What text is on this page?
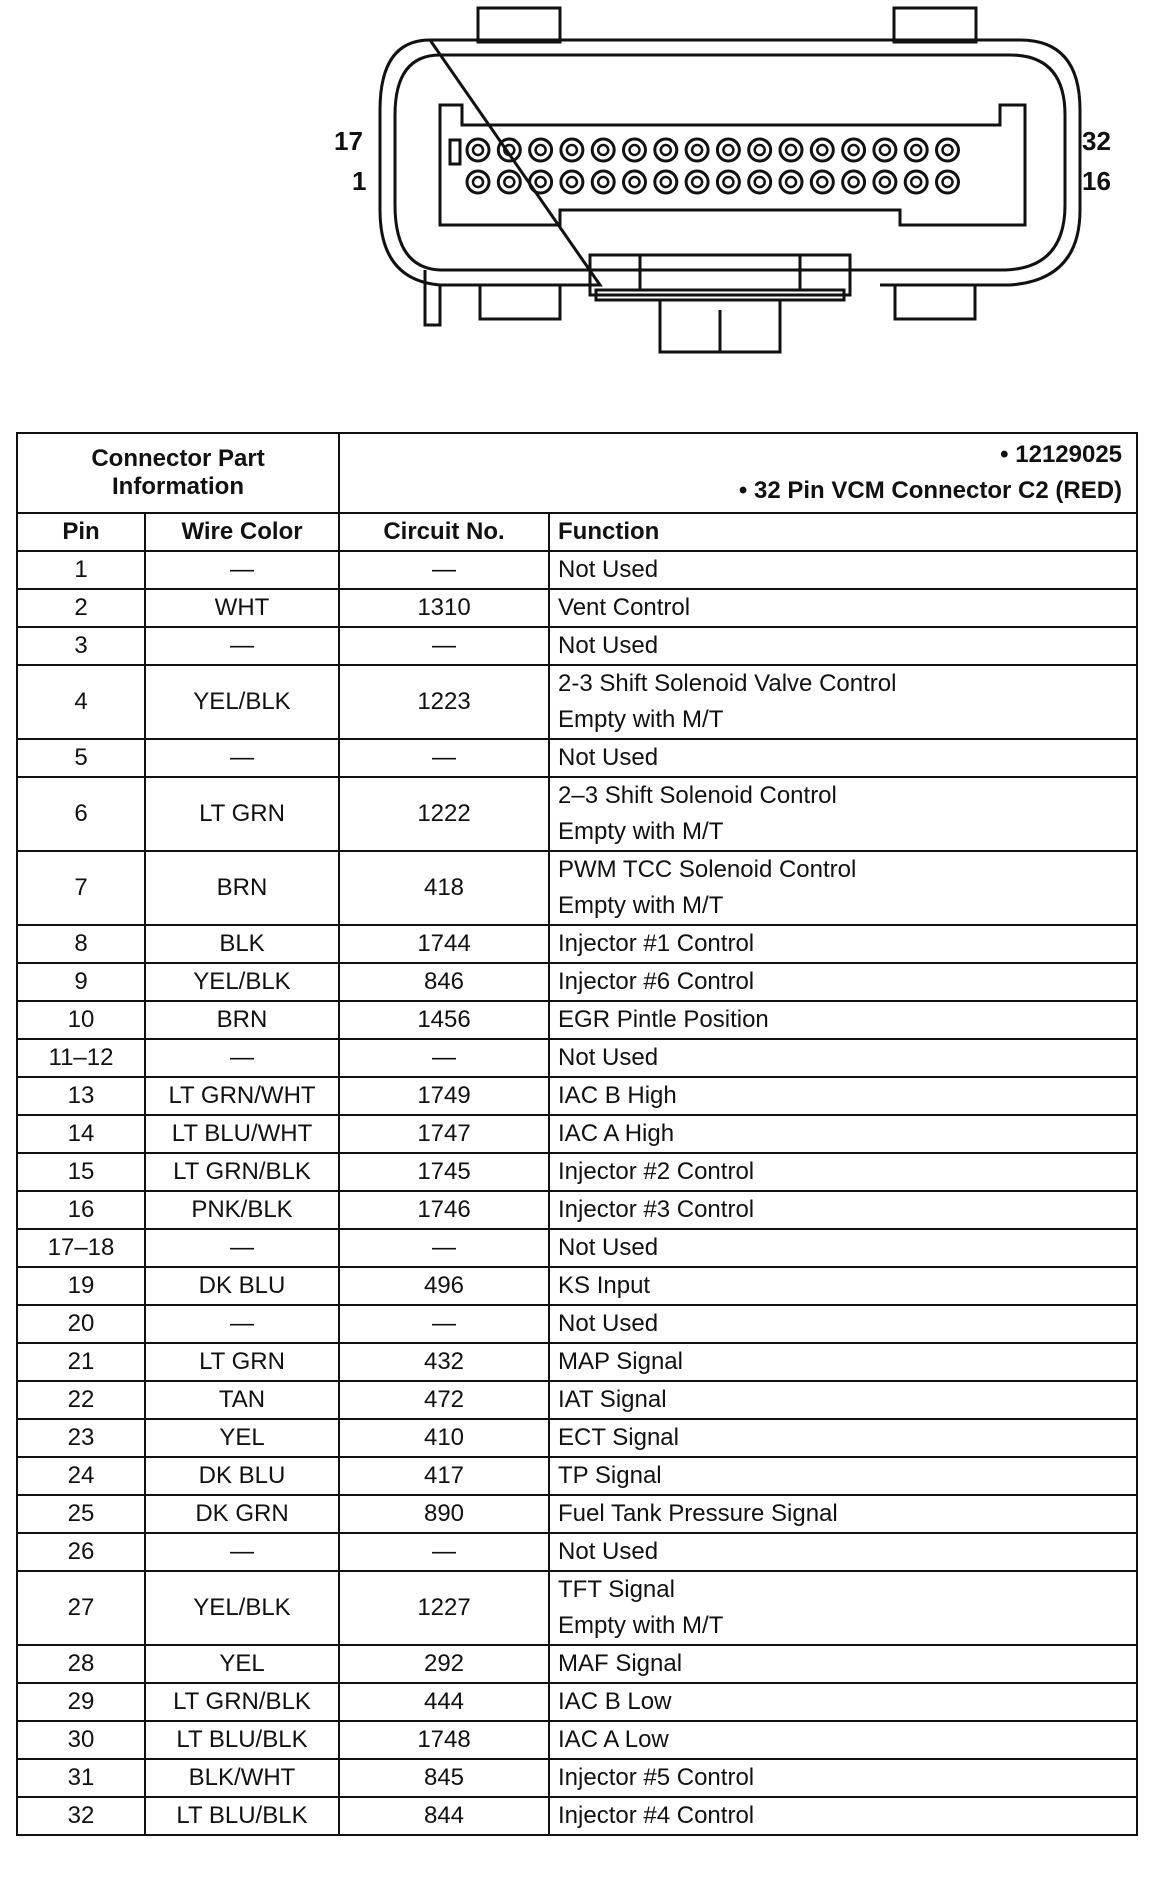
17
1
32
16
Connector Part Information		• 12129025
• 32 Pin VCM Connector C2 (RED)	

Pin	Wire Color	Circuit No.	Function
1	—	—	Not Used

2	WHT	1310	Vent Control

3	—	—	Not Used

4	YEL/BLK	1223	2-3 Shift Solenoid Valve Control
Empty with M/T

5	—	—	Not Used

6	LT GRN	1222	2–3 Shift Solenoid Control
Empty with M/T

7	BRN	418	PWM TCC Solenoid Control
Empty with M/T

8	BLK	1744	Injector #1 Control

9	YEL/BLK	846	Injector #6 Control

10	BRN	1456	EGR Pintle Position

11–12	—	—	Not Used

13	LT GRN/WHT	1749	IAC B High

14	LT BLU/WHT	1747	IAC A High

15	LT GRN/BLK	1745	Injector #2 Control

16	PNK/BLK	1746	Injector #3 Control

17–18	—	—	Not Used

19	DK BLU	496	KS Input

20	—	—	Not Used

21	LT GRN	432	MAP Signal

22	TAN	472	IAT Signal

23	YEL	410	ECT Signal

24	DK BLU	417	TP Signal

25	DK GRN	890	Fuel Tank Pressure Signal

26	—	—	Not Used

27	YEL/BLK	1227	TFT Signal
Empty with M/T

28	YEL	292	MAF Signal

29	LT GRN/BLK	444	IAC B Low

30	LT BLU/BLK	1748	IAC A Low

31	BLK/WHT	845	Injector #5 Control

32	LT BLU/BLK	844	Injector #4 Control
